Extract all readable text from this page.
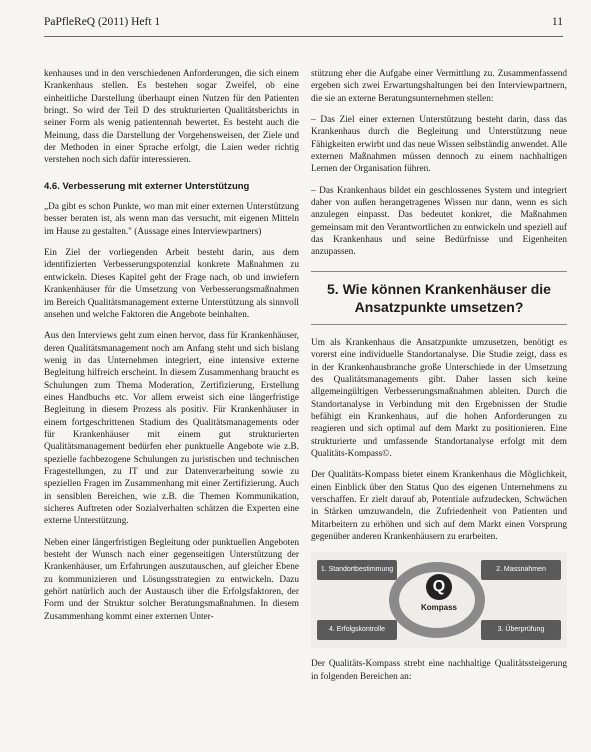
PaPfleReQ (2011) Heft 1	11

kenhauses und in den verschiedenen Anforderungen, die sich einem Krankenhaus stellen. Es bestehen sogar Zweifel, ob eine einheitliche Darstellung überhaupt einen Nutzen für den Patienten bringt. So wird der Teil D des strukturierten Qualitätsberichts in seiner Form als wenig patientennah bewertet. Es besteht auch die Meinung, dass die Darstellung der Vorgehensweisen, der Ziele und der Methoden in einer Sprache erfolgt, die Laien weder richtig verstehen noch sich dafür interessieren.

4.6. Verbesserung mit externer Unterstützung

„Da gibt es schon Punkte, wo man mit einer externen Unterstützung besser beraten ist, als wenn man das versucht, mit eigenen Mitteln im Hause zu gestalten." (Aussage eines Interviewpartners)

Ein Ziel der vorliegenden Arbeit besteht darin, aus dem identifizierten Verbesserungspotenzial konkrete Maßnahmen zu entwickeln. Dieses Kapitel geht der Frage nach, ob und inwiefern Krankenhäuser für die Umsetzung von Verbesserungsmaßnahmen im Bereich Qualitätsmanagement externe Unterstützung als sinnvoll ansehen und welche Faktoren die Angebote beinhalten.

Aus den Interviews geht zum einen hervor, dass für Krankenhäuser, deren Qualitätsmanagement noch am Anfang steht und sich bislang wenig in das Unternehmen integriert, eine intensive externe Begleitung hilfreich erscheint. In diesem Zusammenhang braucht es Schulungen zum Thema Moderation, Zertifizierung, Erstellung eines Handbuchs etc. Vor allem erweist sich eine längerfristige Begleitung in diesem Prozess als positiv. Für Krankenhäuser in einem fortgeschrittenen Stadium des Qualitätsmanagements oder für Krankenhäuser mit einem gut strukturierten Qualitätsmanagement bedürfen eher punktuelle Angebote wie z.B. spezielle fachbezogene Schulungen zu juristischen und technischen Fragestellungen, zu IT und zur Datenverarbeitung sowie zu speziellen Fragen im Zusammenhang mit einer Zertifizierung. Auch in sensiblen Bereichen, wie z.B. die Themen Kommunikation, sicheres Auftreten oder Sozialverhalten schätzen die Experten eine externe Unterstützung.

Neben einer längerfristigen Begleitung oder punktuellen Angeboten besteht der Wunsch nach einer gegenseitigen Unterstützung der Krankenhäuser, um Erfahrungen auszutauschen, auf gleicher Ebene zu kommunizieren und Lösungsstrategien zu entwickeln. Dazu gehört natürlich auch der Austausch über die Erfolgsfaktoren, der Form und der Struktur solcher Beratungsmaßnahmen. In diesem Zusammenhang kommt einer externen Unter-

stützung eher die Aufgabe einer Vermittlung zu. Zusammenfassend ergeben sich zwei Erwartungshaltungen bei den Interviewpartnern, die sie an externe Beratungsunternehmen stellen:

– Das Ziel einer externen Unterstützung besteht darin, dass das Krankenhaus durch die Begleitung und Unterstützung neue Fähigkeiten erwirbt und das neue Wissen selbständig anwendet. Alle externen Maßnahmen müssen dennoch zu einem nachhaltigen Lernen der Organisation führen.

– Das Krankenhaus bildet ein geschlossenes System und integriert daher von außen herangetragenes Wissen nur dann, wenn es sich anzulegen einpasst. Das bedeutet konkret, die Maßnahmen gemeinsam mit den Verantwortlichen zu entwickeln und speziell auf das Krankenhaus und seine Bedürfnisse und Eigenheiten anzupassen.

5. Wie können Krankenhäuser die Ansatzpunkte umsetzen?

Um als Krankenhaus die Ansatzpunkte umzusetzen, benötigt es vorerst eine individuelle Standortanalyse. Die Studie zeigt, dass es in der Krankenhausbranche große Unterschiede in der Umsetzung des Qualitätsmanagements gibt. Daher lassen sich keine allgemeingültigen Verbesserungsmaßnahmen ableiten. Durch die Standortanalyse in Verbindung mit den Ergebnissen der Studie befähigt ein Krankenhaus, auf die hohen Anforderungen zu reagieren und sich optimal auf dem Markt zu positionieren. Eine strukturierte und umfassende Standortanalyse erfolgt mit dem Qualitäts-Kompass©.

Der Qualitäts-Kompass bietet einem Krankenhaus die Möglichkeit, einen Einblick über den Status Quo des eigenen Unternehmens zu verschaffen. Er zielt darauf ab, Potentiale aufzudecken, Schwächen in Stärken umzuwandeln, die Zufriedenheit von Patienten und Mitarbeitern zu erhöhen und sich auf dem Markt einen Vorsprung gegenüber anderen Krankenhäusern zu erarbeiten.

1. Standortbestimmung	2. Massnahmen
3. Überprüfung
4. Erfolgskontrolle
Q
Kompass

Der Qualitäts-Kompass strebt eine nachhaltige Qualitätssteigerung in folgenden Bereichen an:
